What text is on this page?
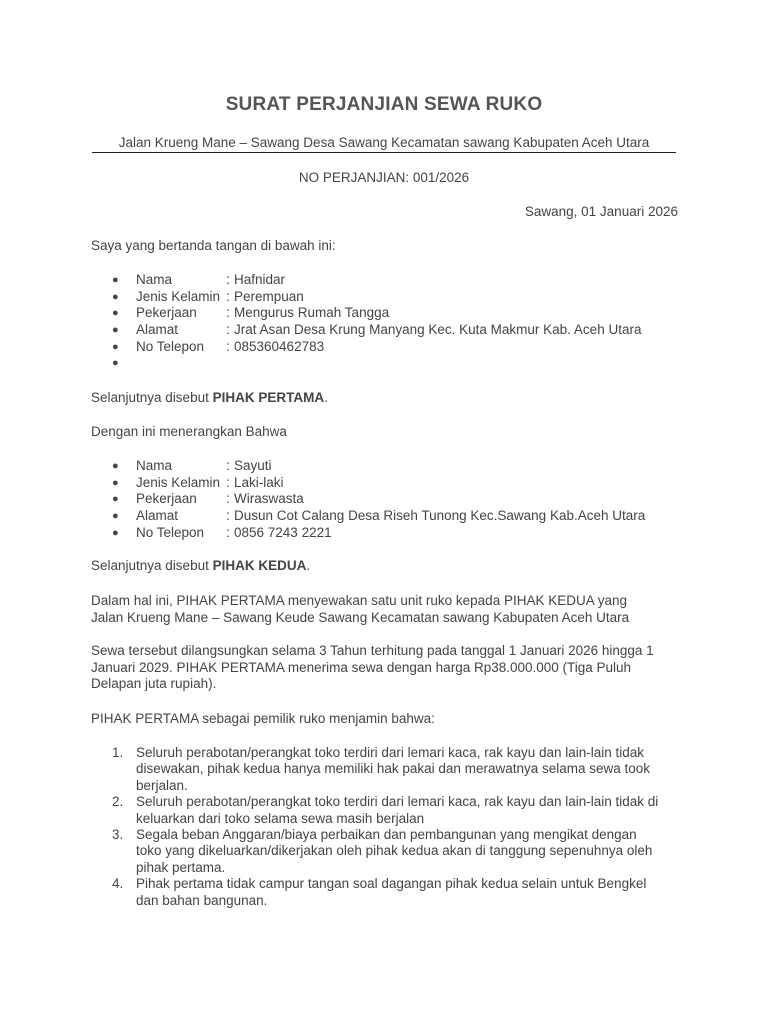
SURAT PERJANJIAN SEWA RUKO
Jalan Krueng Mane – Sawang Desa Sawang Kecamatan sawang Kabupaten Aceh Utara
NO PERJANJIAN: 001/2026
Sawang, 01 Januari 2026
Saya yang bertanda tangan di bawah ini:
● Nama	: Hafnidar
● Jenis Kelamin : Perempuan
● Pekerjaan : Mengurus Rumah Tangga
● Alamat	: Jrat Asan Desa Krung Manyang Kec. Kuta Makmur Kab. Aceh Utara
● No Telepon : 085360462783
●
Selanjutnya disebut PIHAK PERTAMA.
Dengan ini menerangkan Bahwa
● Nama	: Sayuti
● Jenis Kelamin : Laki-laki
● Pekerjaan : Wiraswasta
● Alamat	: Dusun Cot Calang Desa Riseh Tunong Kec.Sawang Kab.Aceh Utara
● No Telepon : 0856 7243 2221
Selanjutnya disebut PIHAK KEDUA.
Dalam hal ini, PIHAK PERTAMA menyewakan satu unit ruko kepada PIHAK KEDUA yang
Jalan Krueng Mane – Sawang Keude Sawang Kecamatan sawang Kabupaten Aceh Utara
Sewa tersebut dilangsungkan selama 3 Tahun terhitung pada tanggal 1 Januari 2026 hingga 1
Januari 2029. PIHAK PERTAMA menerima sewa dengan harga Rp38.000.000 (Tiga Puluh
Delapan juta rupiah).
PIHAK PERTAMA sebagai pemilik ruko menjamin bahwa:
1. Seluruh perabotan/perangkat toko terdiri dari lemari kaca, rak kayu dan lain-lain tidak
disewakan, pihak kedua hanya memiliki hak pakai dan merawatnya selama sewa took
berjalan.
2. Seluruh perabotan/perangkat toko terdiri dari lemari kaca, rak kayu dan lain-lain tidak di
keluarkan dari toko selama sewa masih berjalan
3. Segala beban Anggaran/biaya perbaikan dan pembangunan yang mengikat dengan
toko yang dikeluarkan/dikerjakan oleh pihak kedua akan di tanggung sepenuhnya oleh
pihak pertama.
4. Pihak pertama tidak campur tangan soal dagangan pihak kedua selain untuk Bengkel
dan bahan bangunan.
